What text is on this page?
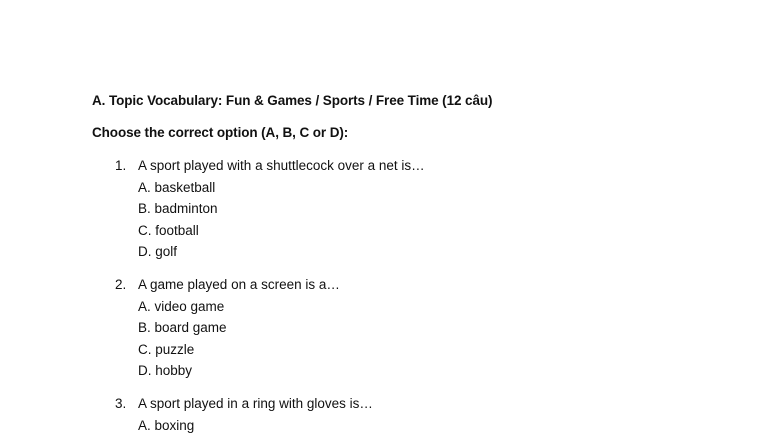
A. Topic Vocabulary: Fun & Games / Sports / Free Time (12 câu)
Choose the correct option (A, B, C or D):
1. A sport played with a shuttlecock over a net is…
A. basketball
B. badminton
C. football
D. golf
2. A game played on a screen is a…
A. video game
B. board game
C. puzzle
D. hobby
3. A sport played in a ring with gloves is…
A. boxing
